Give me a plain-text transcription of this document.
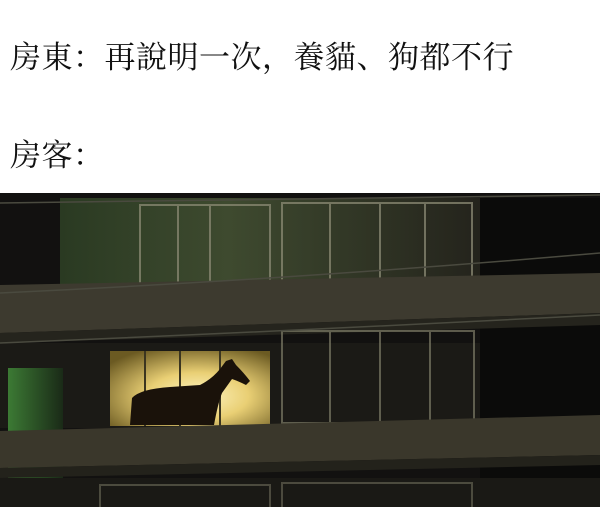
房東：再說明一次，養貓、狗都不行
房客：
